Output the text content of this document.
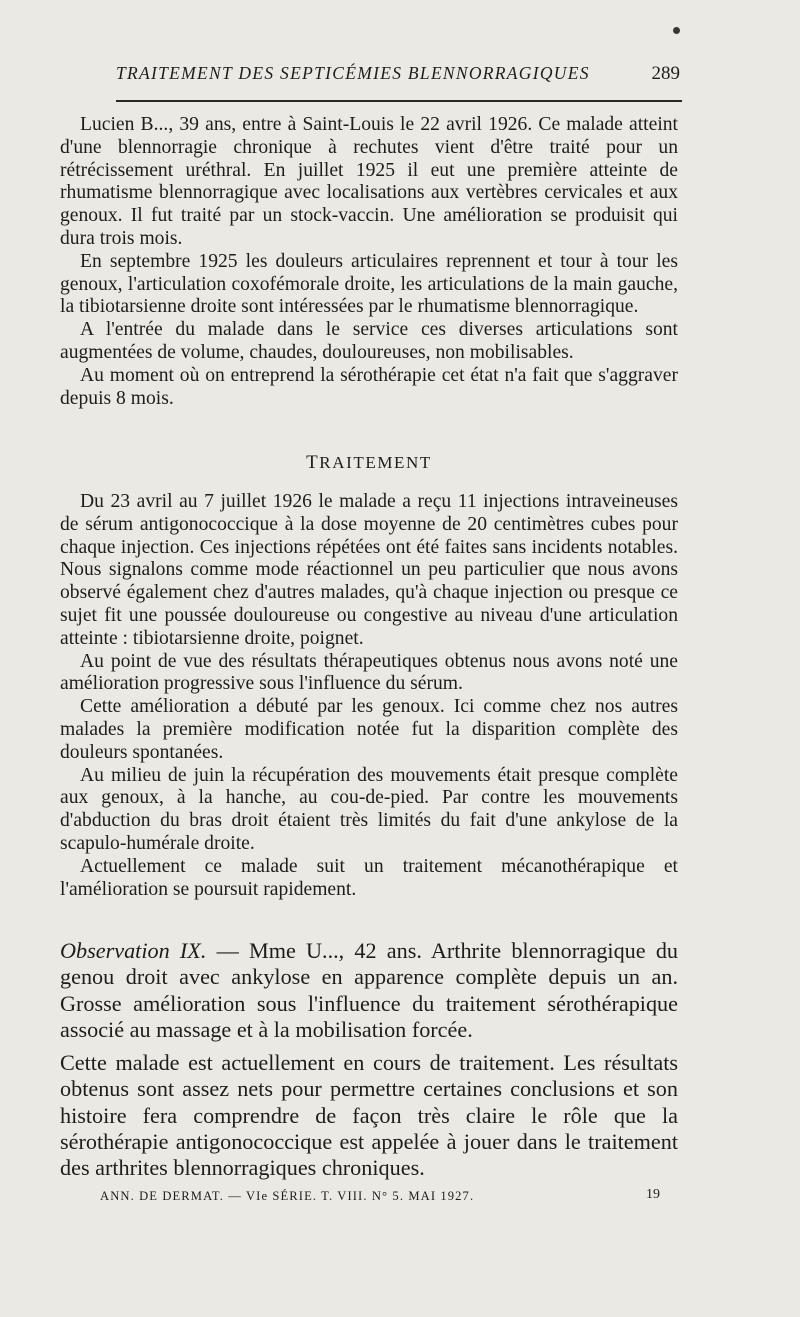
TRAITEMENT DES SEPTICÉMIES BLENNORRAGIQUES	289

Lucien B..., 39 ans, entre à Saint-Louis le 22 avril 1926. Ce malade atteint d'une blennorragie chronique à rechutes vient d'être traité pour un rétrécissement uréthral. En juillet 1925 il eut une première atteinte de rhumatisme blennorragique avec localisations aux vertèbres cervicales et aux genoux. Il fut traité par un stock-vaccin. Une amélioration se produisit qui dura trois mois.

En septembre 1925 les douleurs articulaires reprennent et tour à tour les genoux, l'articulation coxofémorale droite, les articulations de la main gauche, la tibiotarsienne droite sont intéressées par le rhumatisme blennorragique.

A l'entrée du malade dans le service ces diverses articulations sont augmentées de volume, chaudes, douloureuses, non mobilisables.

Au moment où on entreprend la sérothérapie cet état n'a fait que s'aggraver depuis 8 mois.

TRAITEMENT

Du 23 avril au 7 juillet 1926 le malade a reçu 11 injections intraveineuses de sérum antigonococcique à la dose moyenne de 20 centimètres cubes pour chaque injection. Ces injections répétées ont été faites sans incidents notables. Nous signalons comme mode réactionnel un peu particulier que nous avons observé également chez d'autres malades, qu'à chaque injection ou presque ce sujet fit une poussée douloureuse ou congestive au niveau d'une articulation atteinte : tibiotarsienne droite, poignet.

Au point de vue des résultats thérapeutiques obtenus nous avons noté une amélioration progressive sous l'influence du sérum.

Cette amélioration a débuté par les genoux. Ici comme chez nos autres malades la première modification notée fut la disparition complète des douleurs spontanées.

Au milieu de juin la récupération des mouvements était presque complète aux genoux, à la hanche, au cou-de-pied. Par contre les mouvements d'abduction du bras droit étaient très limités du fait d'une ankylose de la scapulo-humérale droite.

Actuellement ce malade suit un traitement mécanothérapique et l'amélioration se poursuit rapidement.

Observation IX. — Mme U..., 42 ans. Arthrite blennorragique du genou droit avec ankylose en apparence complète depuis un an. Grosse amélioration sous l'influence du traitement sérothérapique associé au massage et à la mobilisation forcée.

Cette malade est actuellement en cours de traitement. Les résultats obtenus sont assez nets pour permettre certaines conclusions et son histoire fera comprendre de façon très claire le rôle que la sérothérapie antigonococcique est appelée à jouer dans le traitement des arthrites blennorragiques chroniques.

ANN. DE DERMAT. — VIe SÉRIE. T. VIII. N° 5. MAI 1927.	19
